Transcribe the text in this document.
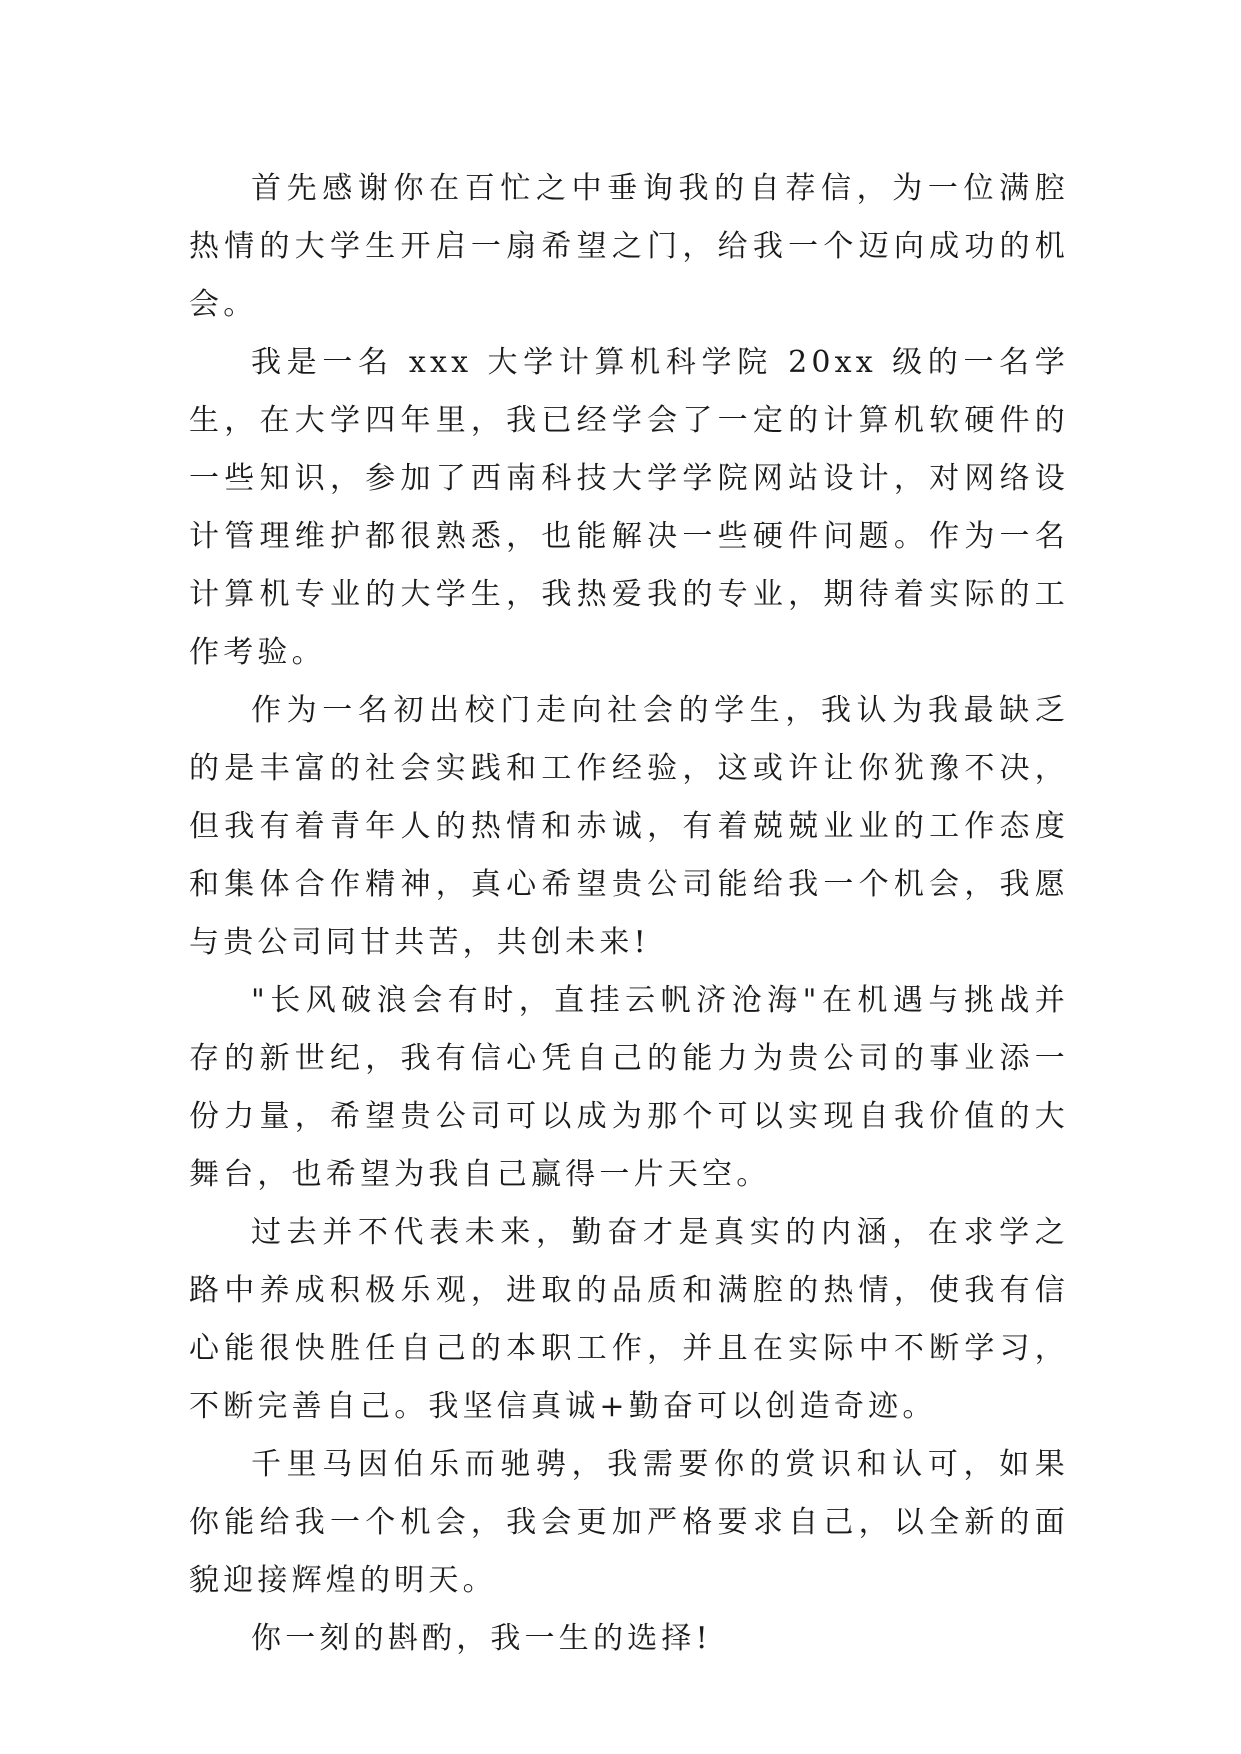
首先感谢你在百忙之中垂询我的自荐信，为一位满腔热情的大学生开启一扇希望之门，给我一个迈向成功的机会。

我是一名 xxx 大学计算机科学院 20xx 级的一名学生，在大学四年里，我已经学会了一定的计算机软硬件的一些知识，参加了西南科技大学学院网站设计，对网络设计管理维护都很熟悉，也能解决一些硬件问题。作为一名计算机专业的大学生，我热爱我的专业，期待着实际的工作考验。

作为一名初出校门走向社会的学生，我认为我最缺乏的是丰富的社会实践和工作经验，这或许让你犹豫不决，但我有着青年人的热情和赤诚，有着兢兢业业的工作态度和集体合作精神，真心希望贵公司能给我一个机会，我愿与贵公司同甘共苦，共创未来!

"长风破浪会有时，直挂云帆济沧海"在机遇与挑战并存的新世纪，我有信心凭自己的能力为贵公司的事业添一份力量，希望贵公司可以成为那个可以实现自我价值的大舞台，也希望为我自己赢得一片天空。

过去并不代表未来，勤奋才是真实的内涵，在求学之路中养成积极乐观，进取的品质和满腔的热情，使我有信心能很快胜任自己的本职工作，并且在实际中不断学习，不断完善自己。我坚信真诚+勤奋可以创造奇迹。

千里马因伯乐而驰骋，我需要你的赏识和认可，如果你能给我一个机会，我会更加严格要求自己，以全新的面貌迎接辉煌的明天。

你一刻的斟酌，我一生的选择!
